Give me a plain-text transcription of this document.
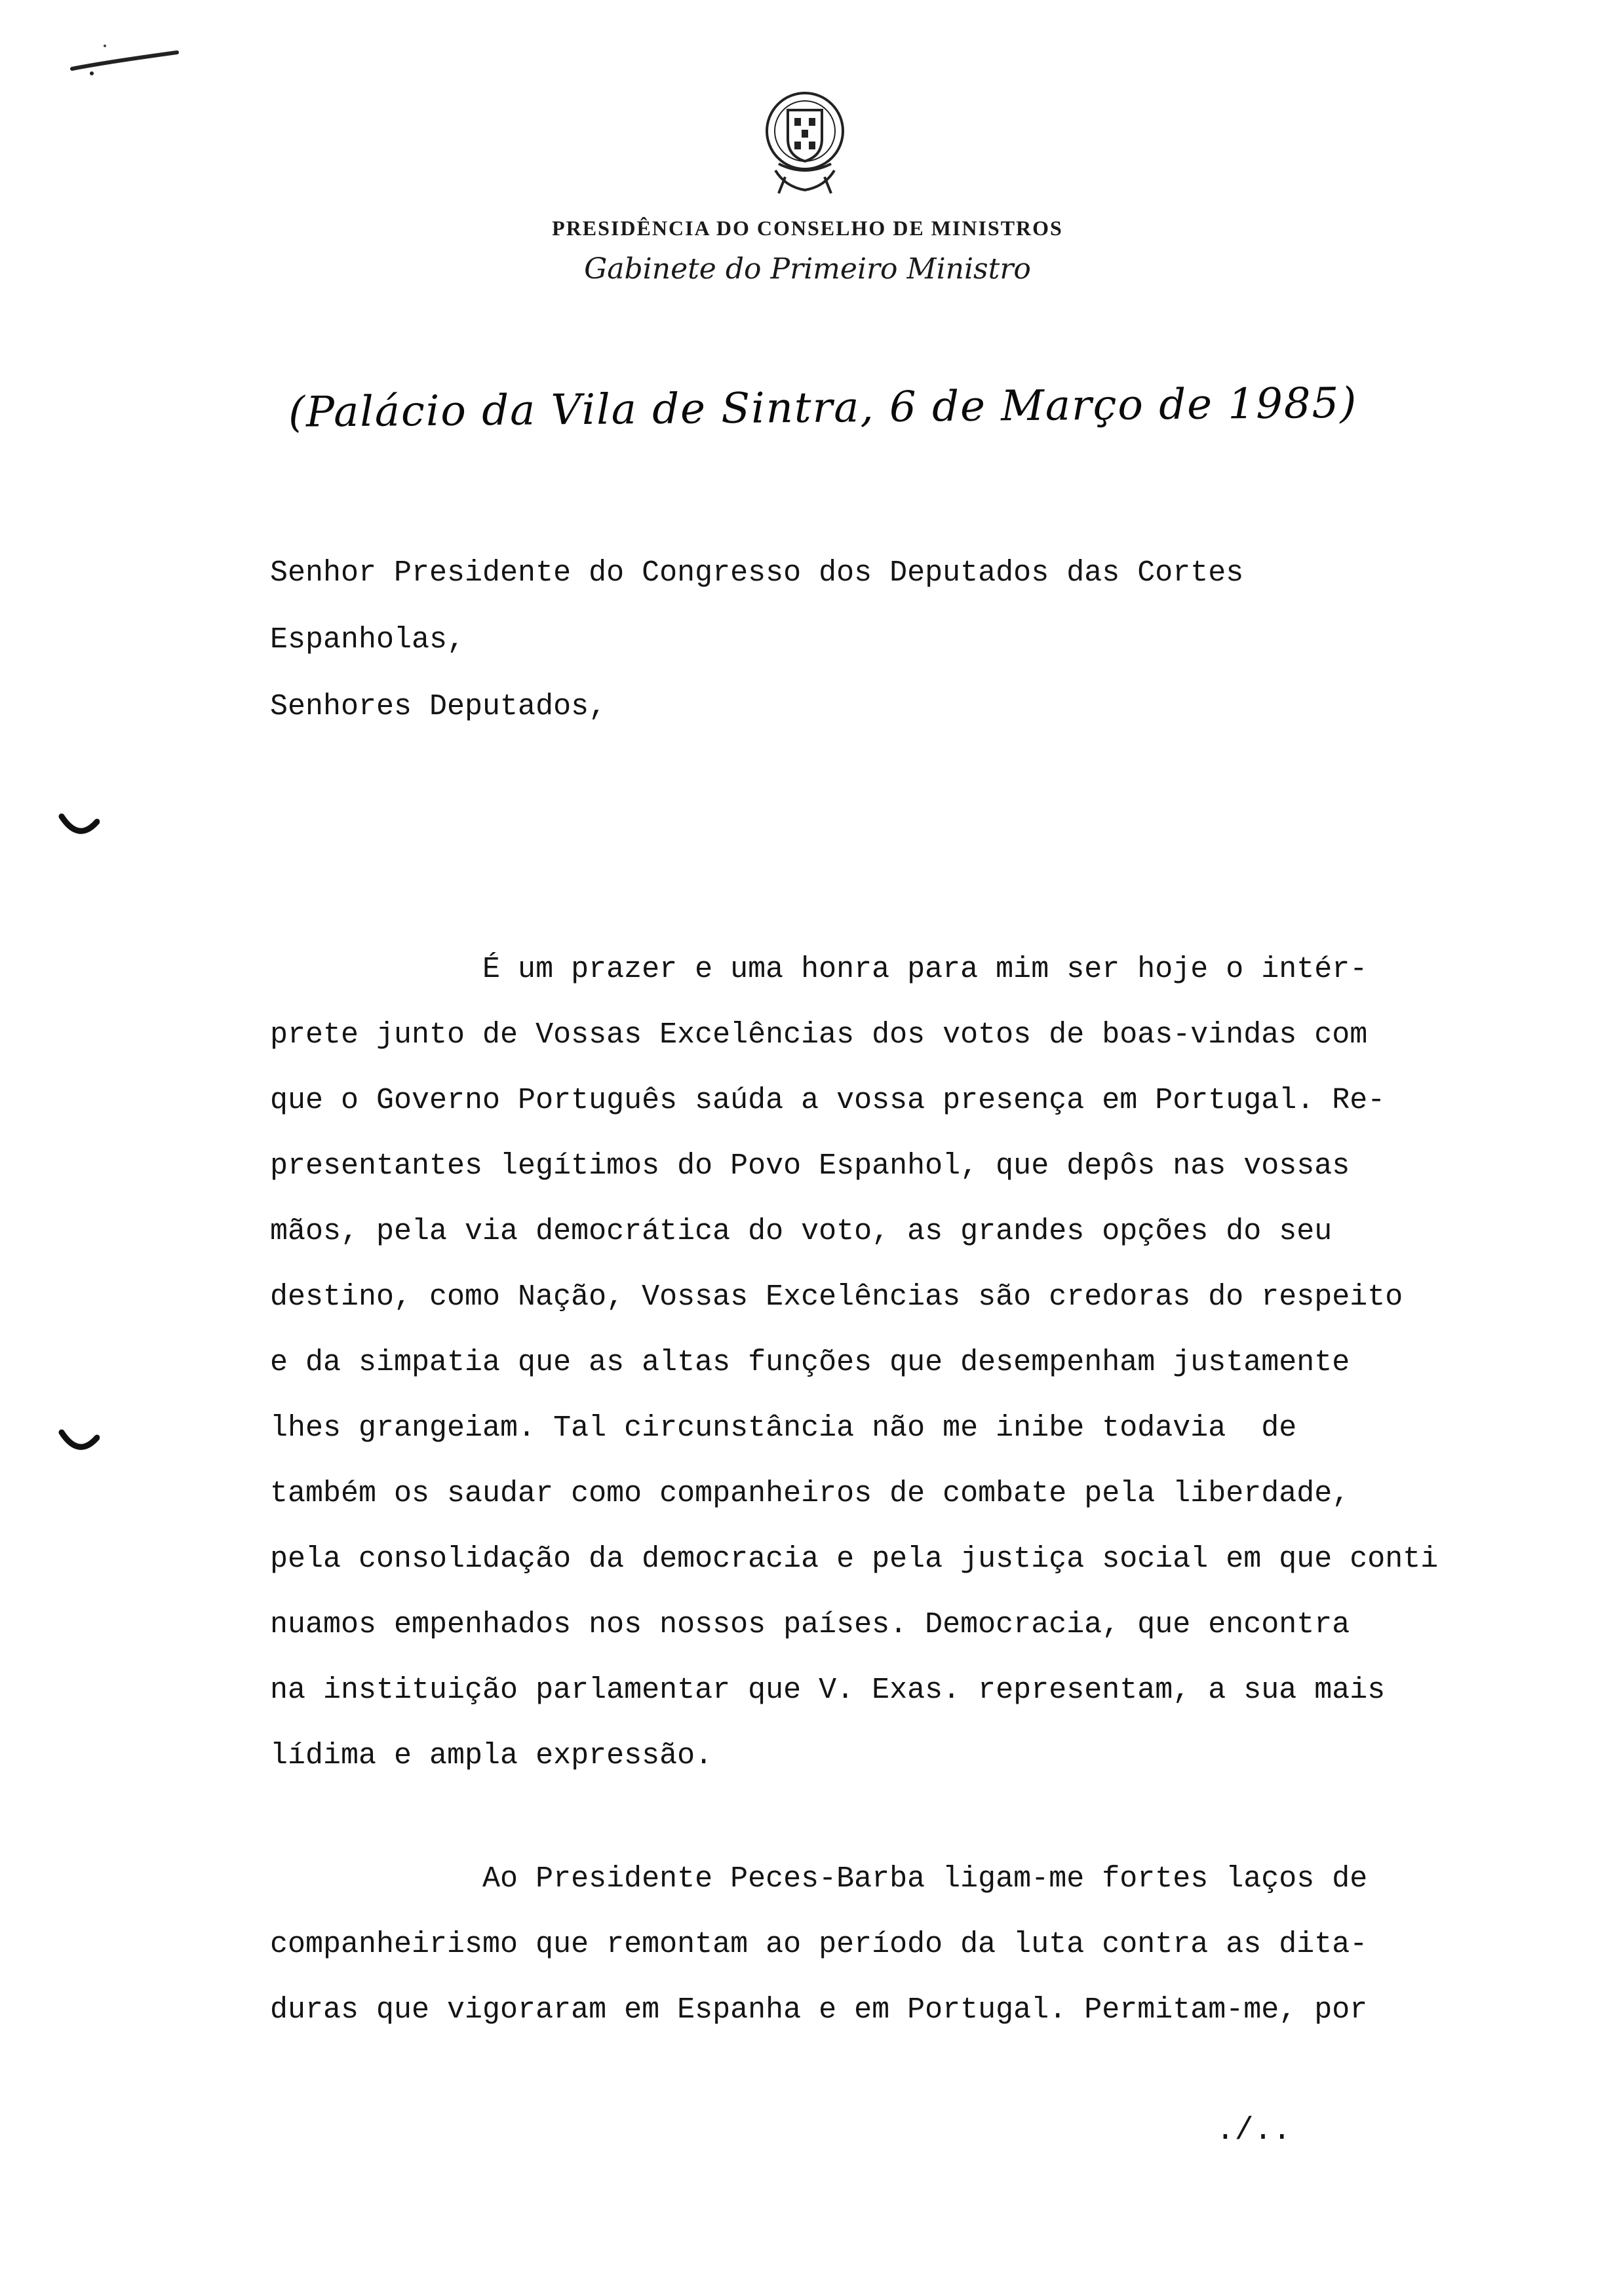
PRESIDÊNCIA DO CONSELHO DE MINISTROS
Gabinete do Primeiro Ministro
(Palácio da Vila de Sintra, 6 de Março de 1985)
Senhor Presidente do Congresso dos Deputados das Cortes
Espanholas,
Senhores Deputados,
É um prazer e uma honra para mim ser hoje o intér-
prete junto de Vossas Excelências dos votos de boas-vindas com
que o Governo Português saúda a vossa presença em Portugal. Re-
presentantes legítimos do Povo Espanhol, que depôs nas vossas
mãos, pela via democrática do voto, as grandes opções do seu
destino, como Nação, Vossas Excelências são credoras do respeito
e da simpatia que as altas funções que desempenham justamente
lhes grangeiam. Tal circunstância não me inibe todavia  de
também os saudar como companheiros de combate pela liberdade,
pela consolidação da democracia e pela justiça social em que conti
nuamos empenhados nos nossos países. Democracia, que encontra
na instituição parlamentar que V. Exas. representam, a sua mais
lídima e ampla expressão.
Ao Presidente Peces-Barba ligam-me fortes laços de
companheirismo que remontam ao período da luta contra as dita-
duras que vigoraram em Espanha e em Portugal. Permitam-me, por
./..
